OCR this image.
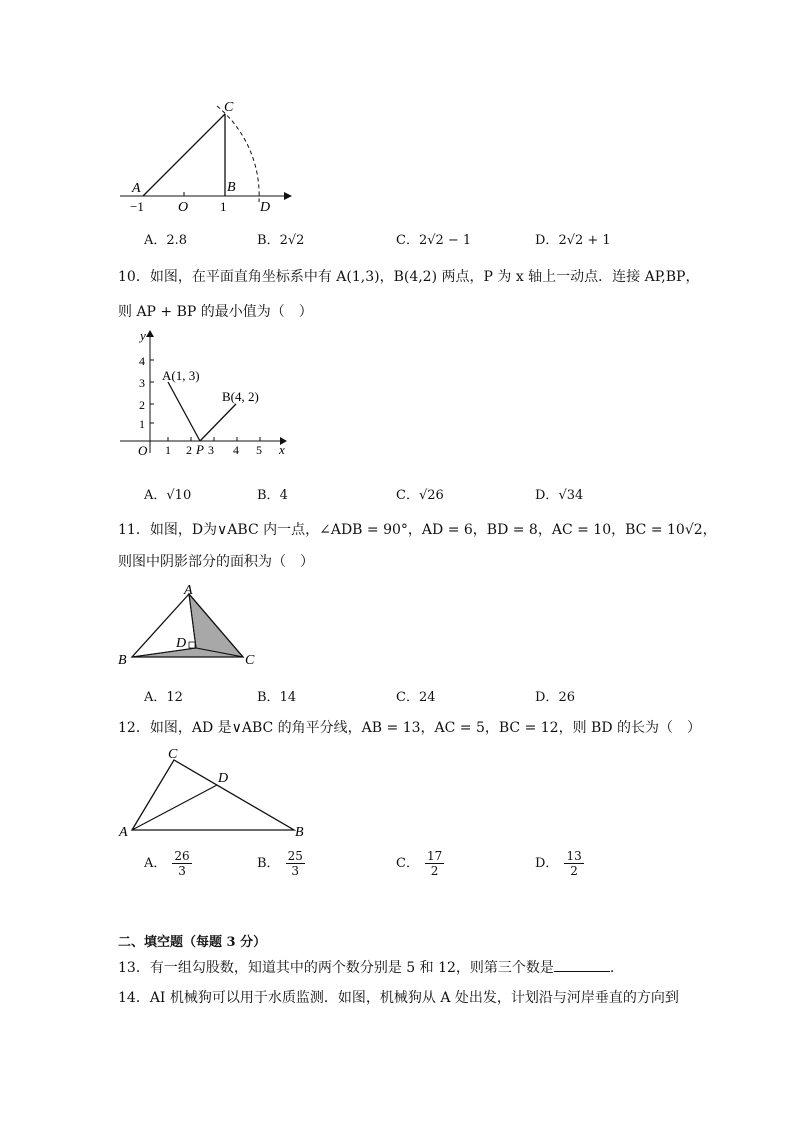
A
C
B
D
O
−1	1
A．2.8	B．2√2	C．2√2 − 1	D．2√2 + 1
10．如图，在平面直角坐标系中有 A(1,3)，B(4,2) 两点，P 为 x 轴上一动点．连接 AP,BP，
则 AP + BP 的最小值为（　）
y
x
O	P
A(1, 3)
B(4, 2)
1 2 3 4 5
1
2
3
4
A．√10	B．4	C．√26	D．√34
11．如图，D为∨ABC 内一点，∠ADB = 90°，AD = 6，BD = 8，AC = 10，BC = 10√2，
则图中阴影部分的面积为（　）
A
B	C
D
A．12	B．14	C．24	D．26
12．如图，AD 是∨ABC 的角平分线，AB = 13，AC = 5，BC = 12，则 BD 的长为（　）
C
D
A	B
A． $\frac{26}{3}$	B． $\frac{25}{3}$	C． $\frac{17}{2}$	D． $\frac{13}{2}$
二、填空题（每题 3 分）
13．有一组勾股数，知道其中的两个数分别是 5 和 12，则第三个数是	．
14．AI 机械狗可以用于水质监测．如图，机械狗从 A 处出发，计划沿与河岸垂直的方向到
